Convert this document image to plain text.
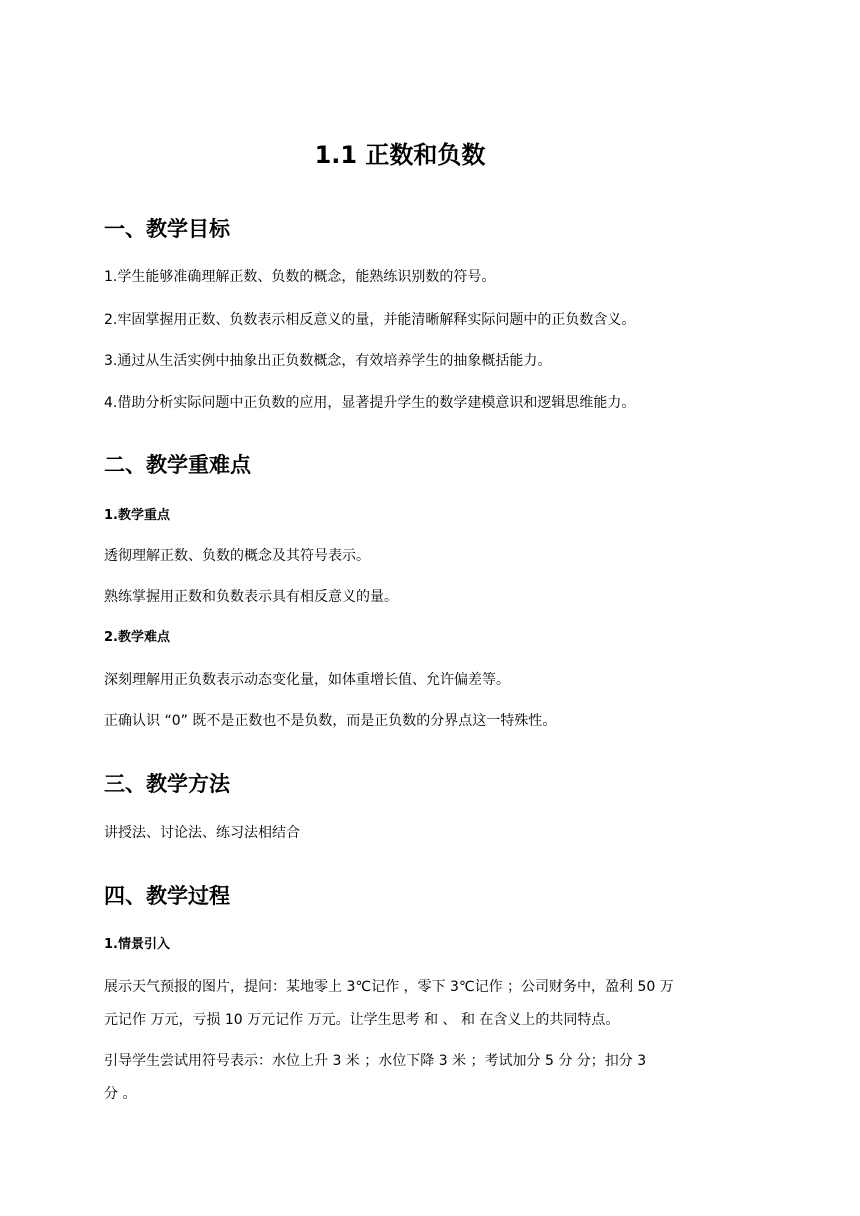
1.1 正数和负数
一、教学目标

1.学生能够准确理解正数、负数的概念，能熟练识别数的符号。

2.牢固掌握用正数、负数表示相反意义的量，并能清晰解释实际问题中的正负数含义。

3.通过从生活实例中抽象出正负数概念，有效培养学生的抽象概括能力。

4.借助分析实际问题中正负数的应用，显著提升学生的数学建模意识和逻辑思维能力。

二、教学重难点
1.教学重点

透彻理解正数、负数的概念及其符号表示。

熟练掌握用正数和负数表示具有相反意义的量。

2.教学难点

深刻理解用正负数表示动态变化量，如体重增长值、允许偏差等。

正确认识 “0” 既不是正数也不是负数，而是正负数的分界点这一特殊性。

三、教学方法

讲授法、讨论法、练习法相结合

四、教学过程
1.情景引入

展示天气预报的图片，提问：某地零上 3℃记作 ，零下 3℃记作 ；公司财务中，盈利 50 万

元记作 万元，亏损 10 万元记作 万元。让学生思考 和 、 和 在含义上的共同特点。

引导学生尝试用符号表示：水位上升 3 米 ；水位下降 3 米 ；考试加分 5 分 分；扣分 3

分 。
